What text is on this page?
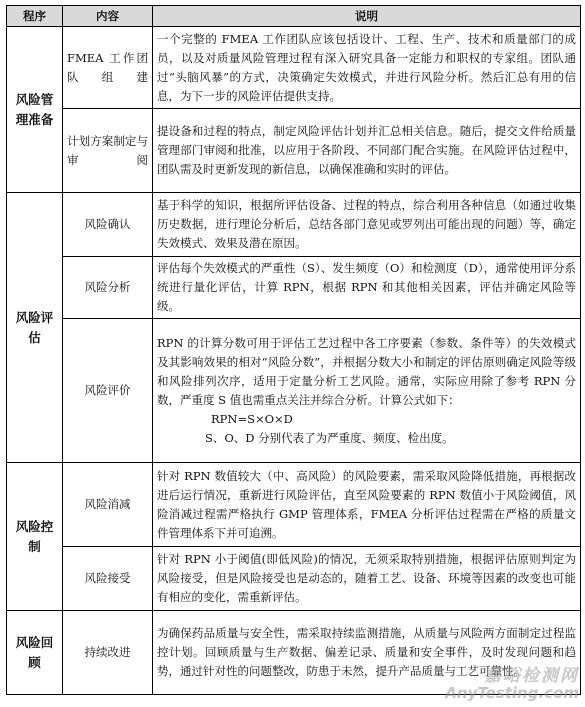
程序	内容	说明
风险管理准备	FMEA 工作团队组建	一个完整的 FMEA 工作团队应该包括设计、工程、生产、技术和质量部门的成员，以及对质量风险管理过程有深入研究具备一定能力和职权的专家组。团队通过“头脑风暴”的方式，决策确定失效模式，并进行风险分析。然后汇总有用的信息，为下一步的风险评估提供支持。
	计划方案制定与审阅	提设备和过程的特点，制定风险评估计划并汇总相关信息。随后，提交文件给质量管理部门审阅和批准，以应用于各阶段、不同部门配合实施。在风险评估过程中，团队需及时更新发现的新信息，以确保准确和实时的评估。
风险评估	风险确认	基于科学的知识，根据所评估设备、过程的特点，综合利用各种信息（如通过收集历史数据，进行理论分析后，总结各部门意见或罗列出可能出现的问题）等，确定失效模式、效果及潜在原因。
	风险分析	评估每个失效模式的严重性（S）、发生频度（O）和检测度（D），通常使用评分系统进行量化评估，计算 RPN，根据 RPN 和其他相关因素，评估并确定风险等级。
	风险评价	RPN 的计算分数可用于评估工艺过程中各工序要素（参数、条件等）的失效模式及其影响效果的相对“风险分数”，并根据分数大小和制定的评估原则确定风险等级和风险排列次序，适用于定量分析工艺风险。通常，实际应用除了参考 RPN 分数，严重度 S 值也需重点关注并综合分析。计算公式如下：
RPN=S×O×D
S、O、D 分别代表了为严重度、频度、检出度。

风险控制	风险消减	针对 RPN 数值较大（中、高风险）的风险要素，需采取风险降低措施，再根据改进后运行情况，重新进行风险评估，直至风险要素的 RPN 数值小于风险阈值，风险消减过程需严格执行 GMP 管理体系，FMEA 分析评估过程需在严格的质量文件管理体系下并可追溯。
	风险接受	针对 RPN 小于阈值(即低风险)的情况，无须采取特别措施，根据评估原则判定为风险接受，但是风险接受也是动态的，随着工艺、设备、环境等因素的改变也可能有相应的变化，需重新评估。
风险回顾	持续改进	为确保药品质量与安全性，需采取持续监测措施，从质量与风险两方面制定过程监控计划。回顾质量与生产数据、偏差记录、质量和安全事件，及时发现问题和趋势，通过针对性的问题整改，防患于未然，提升产品质量与工艺可靠性。
嘉峪检测网
AnyTesting.com
